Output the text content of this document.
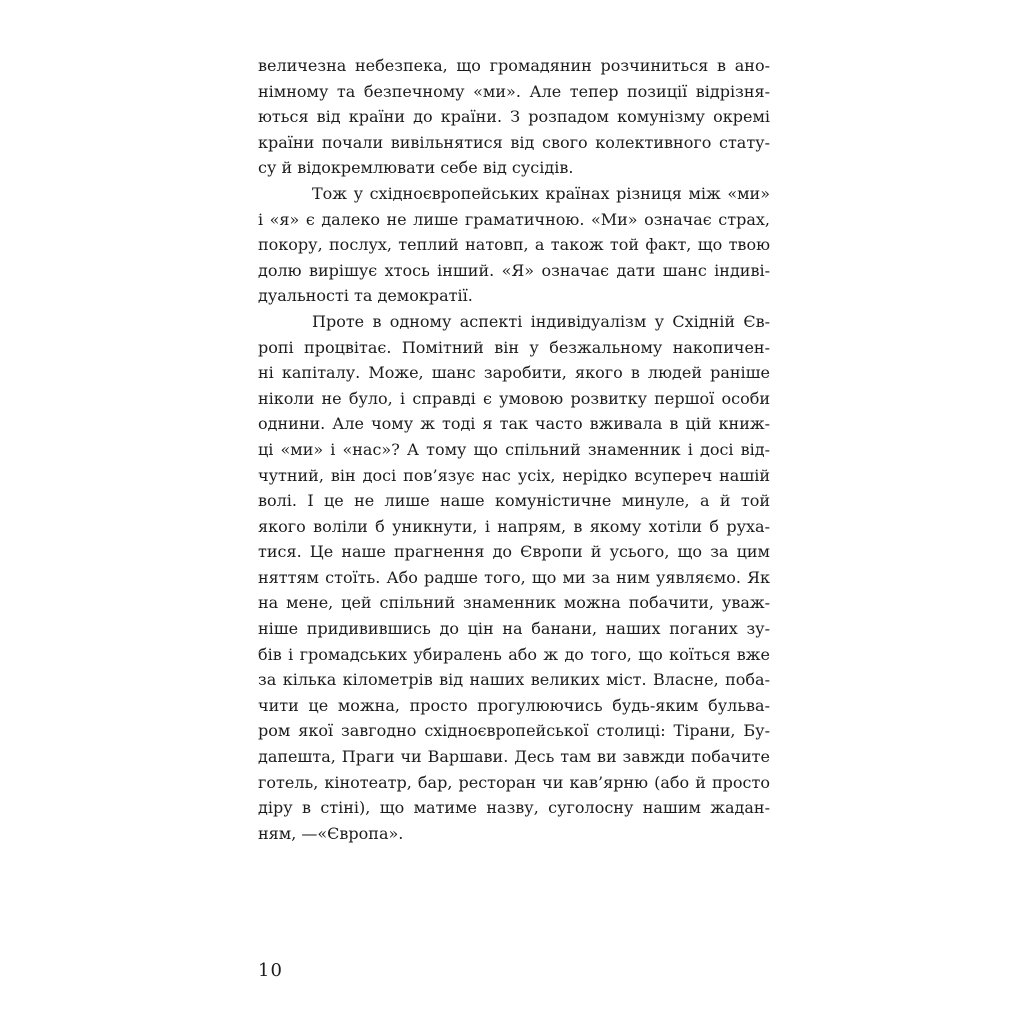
величезна небезпека, що громадянин розчиниться в ано-
німному та безпечному «ми». Але тепер позиції відрізня-
ються від країни до країни. З розпадом комунізму окремі
країни почали вивільнятися від свого колективного стату-
су й відокремлювати себе від сусідів.
Тож у східноєвропейських країнах різниця між «ми»
і «я» є далеко не лише граматичною. «Ми» означає страх,
покору, послух, теплий натовп, а також той факт, що твою
долю вирішує хтось інший. «Я» означає дати шанс індиві-
дуальності та демократії.
Проте в одному аспекті індивідуалізм у Східній Єв-
ропі процвітає. Помітний він у безжальному накопичен-
ні капіталу. Може, шанс заробити, якого в людей раніше
ніколи не було, і справді є умовою розвитку першої особи
однини. Але чому ж тоді я так часто вживала в цій книж-
ці «ми» і «нас»? А тому що спільний знаменник і досі від-
чутний, він досі пов’язує нас усіх, нерідко всупереч нашій
волі. І це не лише наше комуністичне минуле, а й той
якого воліли б уникнути, і напрям, в якому хотіли б руха-
тися. Це наше прагнення до Європи й усього, що за цим
няттям стоїть. Або радше того, що ми за ним уявляємо. Як
на мене, цей спільний знаменник можна побачити, уваж-
ніше придивившись до цін на банани, наших поганих зу-
бів і громадських убиралень або ж до того, що коїться вже
за кілька кілометрів від наших великих міст. Власне, поба-
чити це можна, просто прогулюючись будь-яким бульва-
ром якої завгодно східноєвропейської столиці: Тірани, Бу-
дапешта, Праги чи Варшави. Десь там ви завжди побачите
готель, кінотеатр, бар, ресторан чи кав’ярню (або й просто
діру в стіні), що матиме назву, суголосну нашим жадан-
ням, —«Європа».
10
